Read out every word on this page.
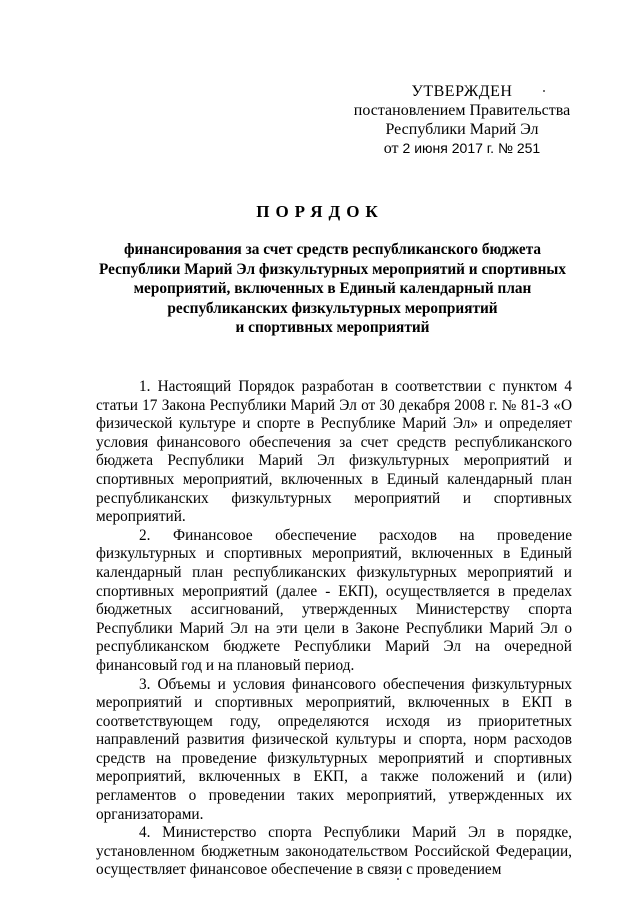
УТВЕРЖДЕН
постановлением Правительства
Республики Марий Эл
от 2 июня 2017 г. № 251
ПОРЯДОК
финансирования за счет средств республиканского бюджета
Республики Марий Эл физкультурных мероприятий и спортивных
мероприятий, включенных в Единый календарный план
республиканских физкультурных мероприятий
и спортивных мероприятий

1. Настоящий Порядок разработан в соответствии с пунктом 4 статьи 17 Закона Республики Марий Эл от 30 декабря 2008 г. № 81-З «О физической культуре и спорте в Республике Марий Эл» и определяет условия финансового обеспечения за счет средств республиканского бюджета Республики Марий Эл физкультурных мероприятий и спортивных мероприятий, включенных в Единый календарный план республиканских физкультурных мероприятий и спортивных мероприятий.

2. Финансовое обеспечение расходов на проведение физкультурных и спортивных мероприятий, включенных в Единый календарный план республиканских физкультурных мероприятий и спортивных мероприятий (далее - ЕКП), осуществляется в пределах бюджетных ассигнований, утвержденных Министерству спорта Республики Марий Эл на эти цели в Законе Республики Марий Эл о республиканском бюджете Республики Марий Эл на очередной финансовый год и на плановый период.

3. Объемы и условия финансового обеспечения физкультурных мероприятий и спортивных мероприятий, включенных в ЕКП в соответствующем году, определяются исходя из приоритетных направлений развития физической культуры и спорта, норм расходов средств на проведение физкультурных мероприятий и спортивных мероприятий, включенных в ЕКП, а также положений и (или) регламентов о проведении таких мероприятий, утвержденных их организаторами.

4. Министерство спорта Республики Марий Эл в порядке, установленном бюджетным законодательством Российской Федерации, осуществляет финансовое обеспечение в связи с проведением
